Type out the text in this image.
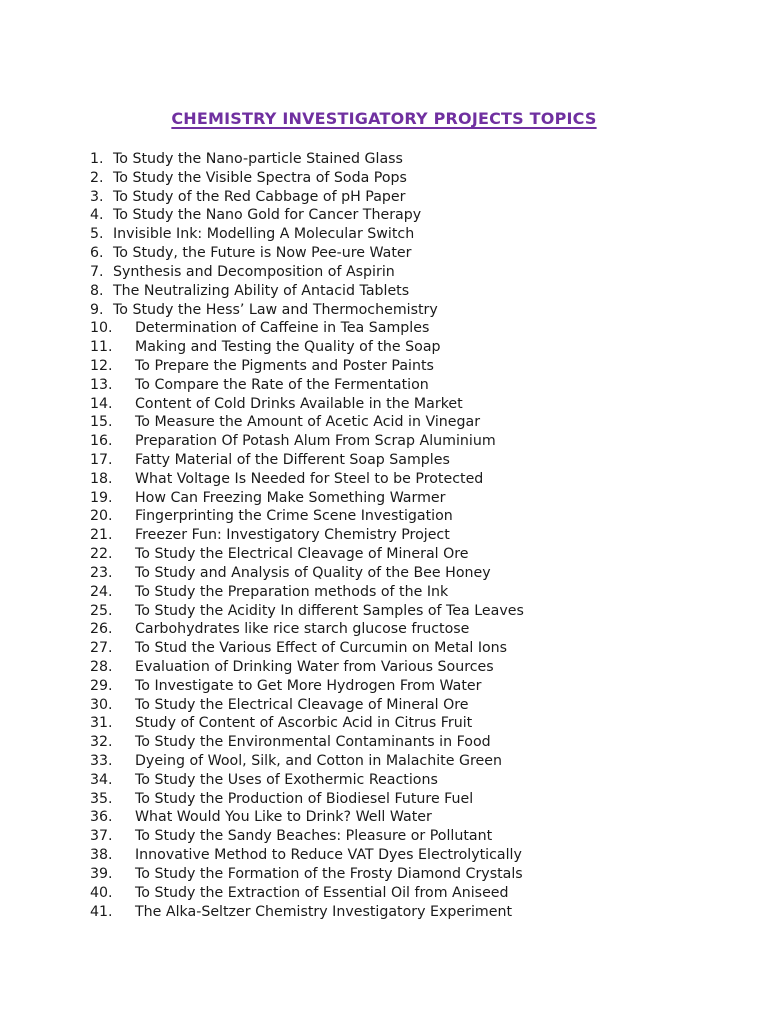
CHEMISTRY INVESTIGATORY PROJECTS TOPICS
1. To Study the Nano-particle Stained Glass
2. To Study the Visible Spectra of Soda Pops
3. To Study of the Red Cabbage of pH Paper
4. To Study the Nano Gold for Cancer Therapy
5. Invisible Ink: Modelling A Molecular Switch
6. To Study, the Future is Now Pee-ure Water
7. Synthesis and Decomposition of Aspirin
8. The Neutralizing Ability of Antacid Tablets
9. To Study the Hess’ Law and Thermochemistry
10. Determination of Caffeine in Tea Samples
11. Making and Testing the Quality of the Soap
12. To Prepare the Pigments and Poster Paints
13. To Compare the Rate of the Fermentation
14. Content of Cold Drinks Available in the Market
15. To Measure the Amount of Acetic Acid in Vinegar
16. Preparation Of Potash Alum From Scrap Aluminium
17. Fatty Material of the Different Soap Samples
18. What Voltage Is Needed for Steel to be Protected
19. How Can Freezing Make Something Warmer
20. Fingerprinting the Crime Scene Investigation
21. Freezer Fun: Investigatory Chemistry Project
22. To Study the Electrical Cleavage of Mineral Ore
23. To Study and Analysis of Quality of the Bee Honey
24. To Study the Preparation methods of the Ink
25. To Study the Acidity In different Samples of Tea Leaves
26. Carbohydrates like rice starch glucose fructose
27. To Stud the Various Effect of Curcumin on Metal Ions
28. Evaluation of Drinking Water from Various Sources
29. To Investigate to Get More Hydrogen From Water
30. To Study the Electrical Cleavage of Mineral Ore
31. Study of Content of Ascorbic Acid in Citrus Fruit
32. To Study the Environmental Contaminants in Food
33. Dyeing of Wool, Silk, and Cotton in Malachite Green
34. To Study the Uses of Exothermic Reactions
35. To Study the Production of Biodiesel Future Fuel
36. What Would You Like to Drink? Well Water
37. To Study the Sandy Beaches: Pleasure or Pollutant
38. Innovative Method to Reduce VAT Dyes Electrolytically
39. To Study the Formation of the Frosty Diamond Crystals
40. To Study the Extraction of Essential Oil from Aniseed
41. The Alka-Seltzer Chemistry Investigatory Experiment
